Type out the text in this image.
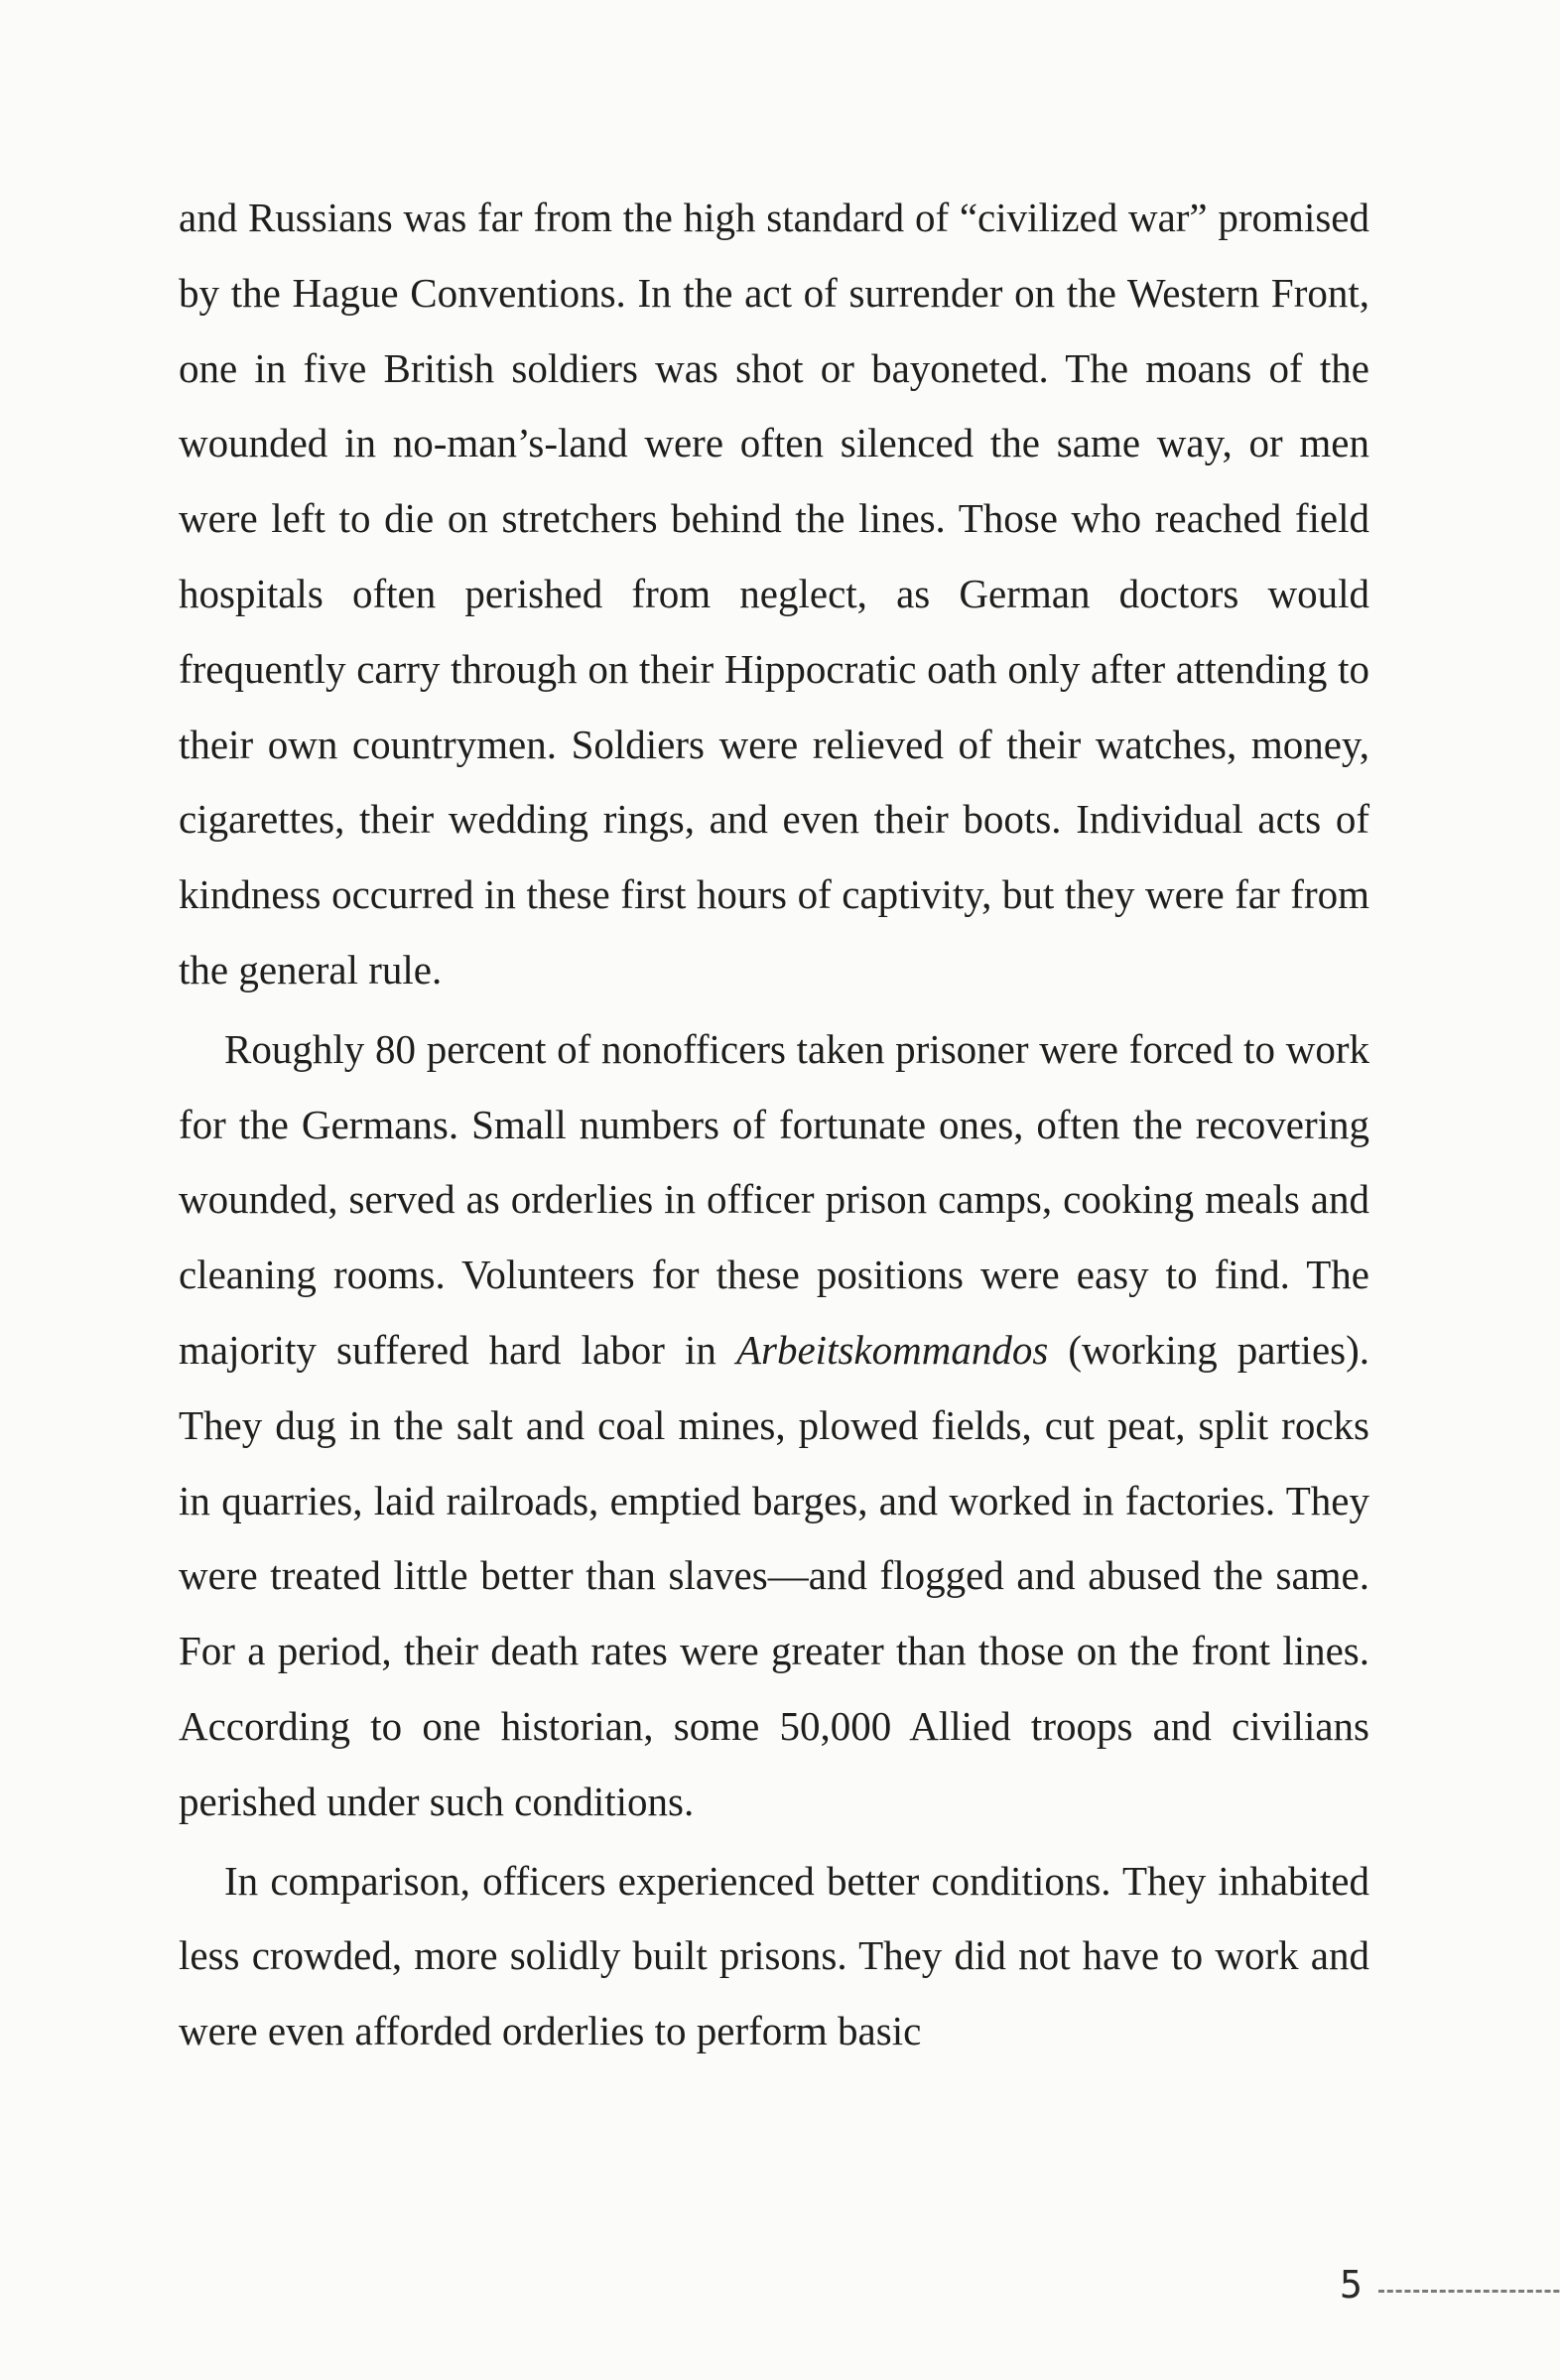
and Russians was far from the high standard of “civilized war” promised by the Hague Conventions. In the act of surrender on the Western Front, one in five British soldiers was shot or bayoneted. The moans of the wounded in no-man’s-land were often silenced the same way, or men were left to die on stretchers behind the lines. Those who reached field hospitals often perished from neglect, as German doctors would frequently carry through on their Hippocratic oath only after attending to their own countrymen. Soldiers were relieved of their watches, money, cigarettes, their wedding rings, and even their boots. Individual acts of kindness occurred in these first hours of captivity, but they were far from the general rule.

Roughly 80 percent of nonofficers taken prisoner were forced to work for the Germans. Small numbers of fortunate ones, often the recovering wounded, served as orderlies in officer prison camps, cooking meals and cleaning rooms. Volunteers for these positions were easy to find. The majority suffered hard labor in Arbeitskommandos (working parties). They dug in the salt and coal mines, plowed fields, cut peat, split rocks in quarries, laid railroads, emptied barges, and worked in factories. They were treated little better than slaves—and flogged and abused the same. For a period, their death rates were greater than those on the front lines. According to one historian, some 50,000 Allied troops and civilians perished under such conditions.

In comparison, officers experienced better conditions. They inhabited less crowded, more solidly built prisons. They did not have to work and were even afforded orderlies to perform basic

5
